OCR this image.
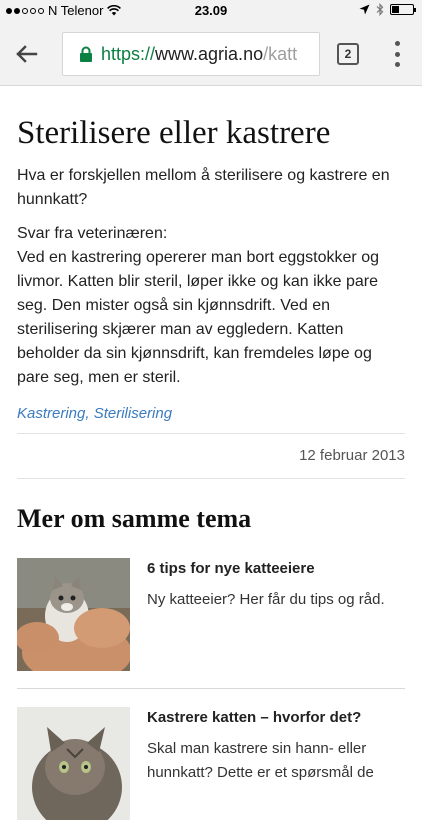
N Telenor	23.09
https://www.agria.no/katt	2
Sterilisere eller kastrere

Hva er forskjellen mellom å sterilisere og kastrere en hunnkatt?

Svar fra veterinæren:

Ved en kastrering opererer man bort eggstokker og livmor. Katten blir steril, løper ikke og kan ikke pare seg. Den mister også sin kjønnsdrift. Ved en sterilisering skjærer man av eggledern. Katten beholder da sin kjønnsdrift, kan fremdeles løpe og pare seg, men er steril.

Kastrering, Sterilisering
12 februar 2013
Mer om samme tema
6 tips for nye katteeiere

Ny katteeier? Her får du tips og råd.

Kastrere katten – hvorfor det?

Skal man kastrere sin hann- eller hunnkatt? Dette er et spørsmål de
